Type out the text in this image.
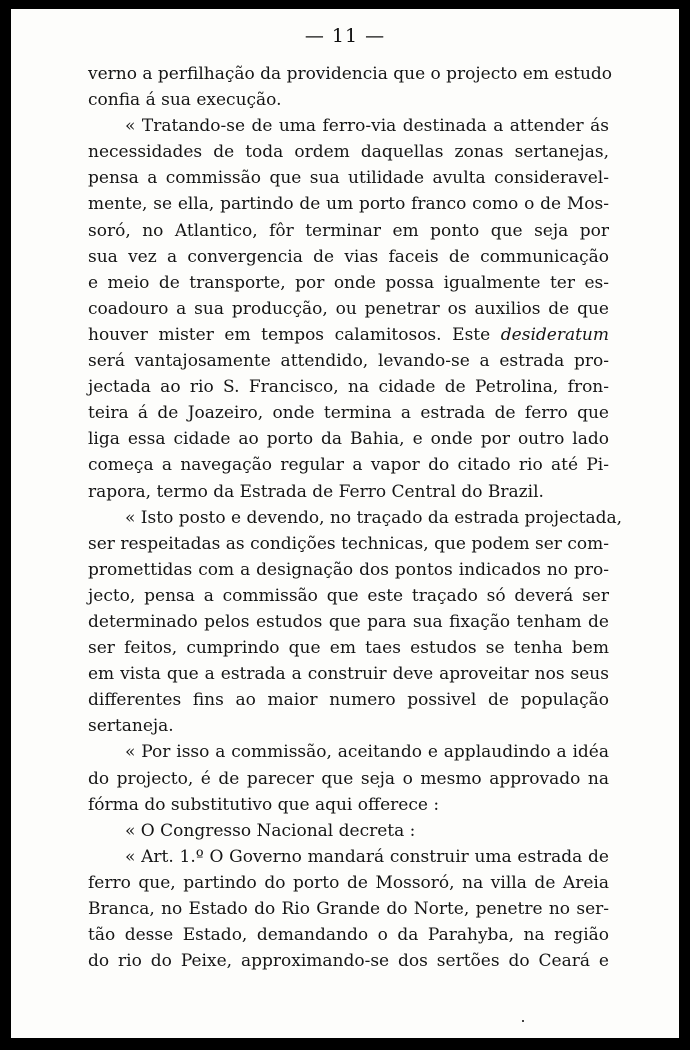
— 11 —
verno a perfilhação da providencia que o projecto em estudo
confia á sua execução.
« Tratando-se de uma ferro-via destinada a attender ás
necessidades de toda ordem daquellas zonas sertanejas,
pensa a commissão que sua utilidade avulta consideravel-
mente, se ella, partindo de um porto franco como o de Mos-
soró, no Atlantico, fôr terminar em ponto que seja por
sua vez a convergencia de vias faceis de communicação
e meio de transporte, por onde possa igualmente ter es-
coadouro a sua producção, ou penetrar os auxilios de que
houver mister em tempos calamitosos. Este desideratum
será vantajosamente attendido, levando-se a estrada pro-
jectada ao rio S. Francisco, na cidade de Petrolina, fron-
teira á de Joazeiro, onde termina a estrada de ferro que
liga essa cidade ao porto da Bahia, e onde por outro lado
começa a navegação regular a vapor do citado rio até Pi-
rapora, termo da Estrada de Ferro Central do Brazil.
« Isto posto e devendo, no traçado da estrada projectada,
ser respeitadas as condições technicas, que podem ser com-
promettidas com a designação dos pontos indicados no pro-
jecto, pensa a commissão que este traçado só deverá ser
determinado pelos estudos que para sua fixação tenham de
ser feitos, cumprindo que em taes estudos se tenha bem
em vista que a estrada a construir deve aproveitar nos seus
differentes fins ao maior numero possivel de população
sertaneja.
« Por isso a commissão, aceitando e applaudindo a idéa
do projecto, é de parecer que seja o mesmo approvado na
fórma do substitutivo que aqui offerece :
« O Congresso Nacional decreta :
« Art. 1.º O Governo mandará construir uma estrada de
ferro que, partindo do porto de Mossoró, na villa de Areia
Branca, no Estado do Rio Grande do Norte, penetre no ser-
tão desse Estado, demandando o da Parahyba, na região
do rio do Peixe, approximando-se dos sertões do Ceará e
